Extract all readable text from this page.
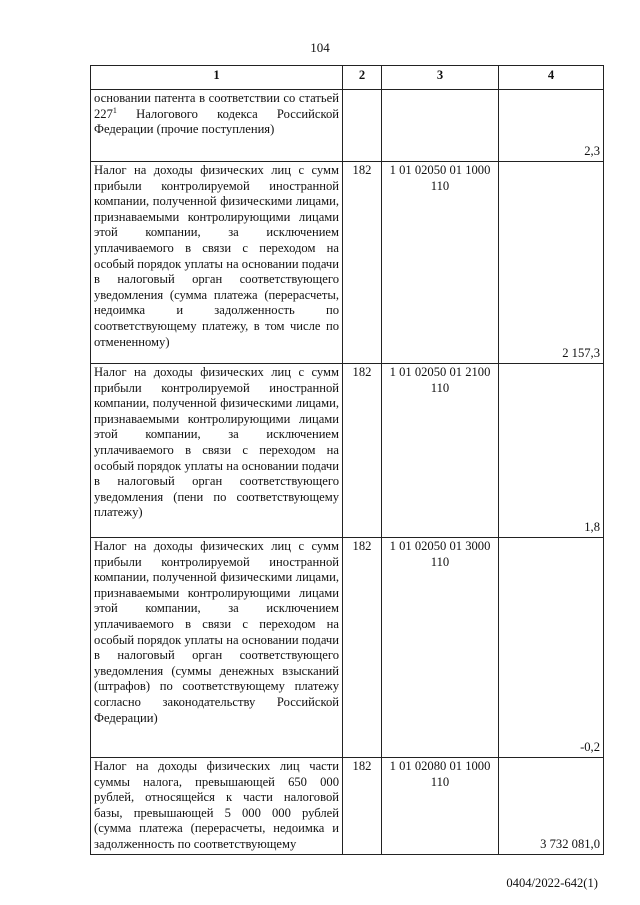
104
1	2	3	4
основании патента в соответствии со статьей $227^1$ Налогового кодекса Российской Федерации (прочие поступления)			2,3
Налог на доходы физических лиц с сумм прибыли контролируемой иностранной компании, полученной физическими лицами, признаваемыми контролирующими лицами этой компании, за исключением уплачиваемого в связи с переходом на особый порядок уплаты на основании подачи в налоговый орган соответствующего уведомления (сумма платежа (перерасчеты, недоимка и задолженность по соответствующему платежу, в том числе по отмененному)	182	1 01 02050 01 1000 110	2 157,3
Налог на доходы физических лиц с сумм прибыли контролируемой иностранной компании, полученной физическими лицами, признаваемыми контролирующими лицами этой компании, за исключением уплачиваемого в связи с переходом на особый порядок уплаты на основании подачи в налоговый орган соответствующего уведомления (пени по соответствующему платежу)	182	1 01 02050 01 2100 110	1,8
Налог на доходы физических лиц с сумм прибыли контролируемой иностранной компании, полученной физическими лицами, признаваемыми контролирующими лицами этой компании, за исключением уплачиваемого в связи с переходом на особый порядок уплаты на основании подачи в налоговый орган соответствующего уведомления (суммы денежных взысканий (штрафов) по соответствующему платежу согласно законодательству Российской Федерации)	182	1 01 02050 01 3000 110	-0,2
Налог на доходы физических лиц части суммы налога, превышающей 650 000 рублей, относящейся к части налоговой базы, превышающей 5 000 000 рублей (сумма платежа (перерасчеты, недоимка и задолженность по соответствующему	182	1 01 02080 01 1000 110	3 732 081,0
0404/2022-642(1)
